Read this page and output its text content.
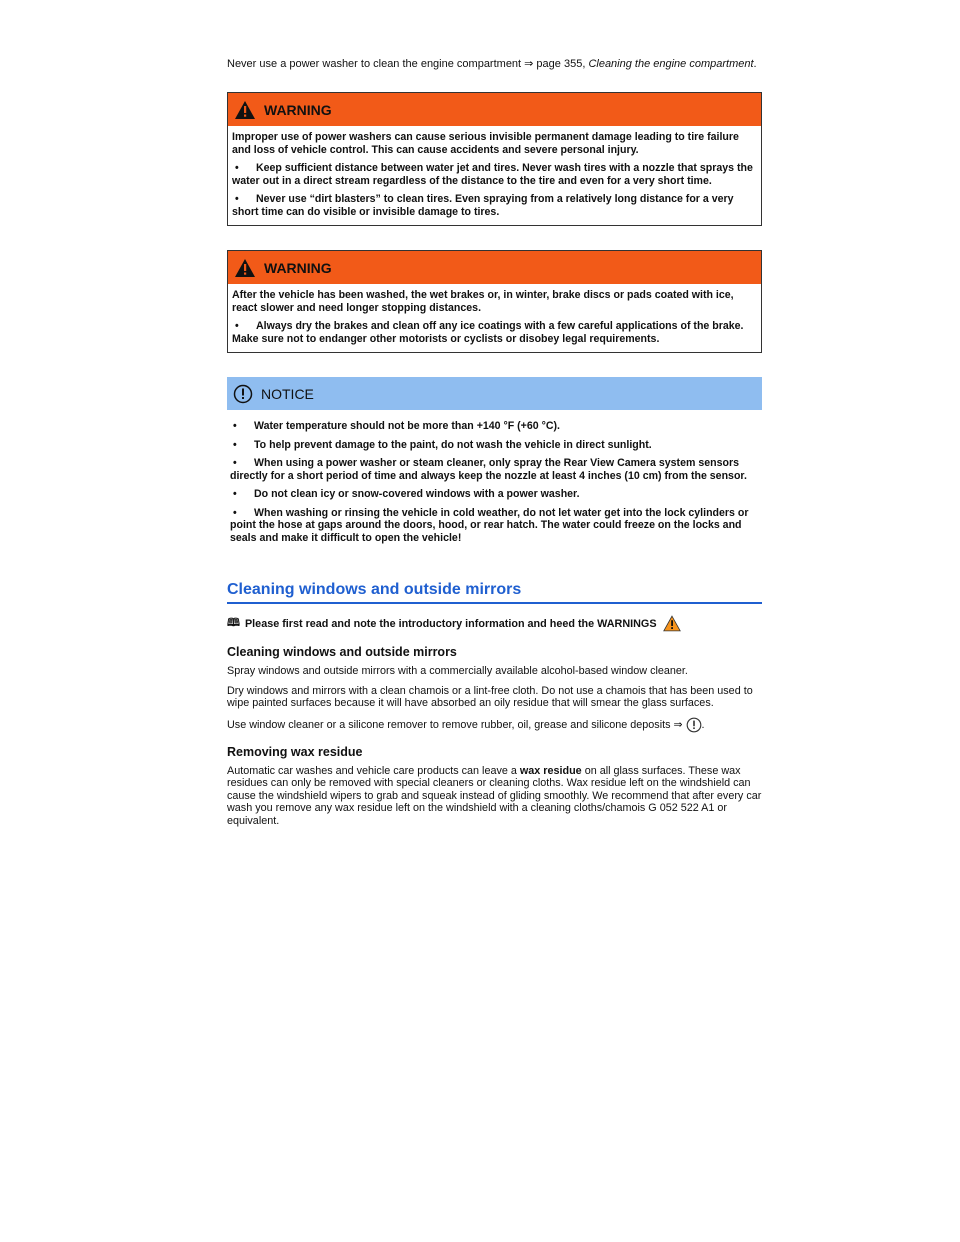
Never use a power washer to clean the engine compartment ⇒ page 355, Cleaning the engine compartment.

WARNING

Improper use of power washers can cause serious invisible permanent damage leading to tire failure and loss of vehicle control. This can cause accidents and severe personal injury.

• Keep sufficient distance between water jet and tires. Never wash tires with a nozzle that sprays the water out in a direct stream regardless of the distance to the tire and even for a very short time.

• Never use “dirt blasters” to clean tires. Even spraying from a relatively long distance for a very short time can do visible or invisible damage to tires.

WARNING

After the vehicle has been washed, the wet brakes or, in winter, brake discs or pads coated with ice, react slower and need longer stopping distances.

• Always dry the brakes and clean off any ice coatings with a few careful applications of the brake. Make sure not to endanger other motorists or cyclists or disobey legal requirements.

NOTICE

• Water temperature should not be more than +140 °F (+60 °C).

• To help prevent damage to the paint, do not wash the vehicle in direct sunlight.

• When using a power washer or steam cleaner, only spray the Rear View Camera system sensors directly for a short period of time and always keep the nozzle at least 4 inches (10 cm) from the sensor.

• Do not clean icy or snow-covered windows with a power washer.

• When washing or rinsing the vehicle in cold weather, do not let water get into the lock cylinders or point the hose at gaps around the doors, hood, or rear hatch. The water could freeze on the locks and seals and make it difficult to open the vehicle!

Cleaning windows and outside mirrors
🕮 Please first read and note the introductory information and heed the WARNINGS
Cleaning windows and outside mirrors

Spray windows and outside mirrors with a commercially available alcohol-based window cleaner.

Dry windows and mirrors with a clean chamois or a lint-free cloth. Do not use a chamois that has been used to wipe painted surfaces because it will have absorbed an oily residue that will smear the glass surfaces.

Use window cleaner or a silicone remover to remove rubber, oil, grease and silicone deposits ⇒ .

Removing wax residue

Automatic car washes and vehicle care products can leave a wax residue on all glass surfaces. These wax residues can only be removed with special cleaners or cleaning cloths. Wax residue left on the windshield can cause the windshield wipers to grab and squeak instead of gliding smoothly. We recommend that after every car wash you remove any wax residue left on the windshield with a cleaning cloths/chamois G 052 522 A1 or equivalent.
